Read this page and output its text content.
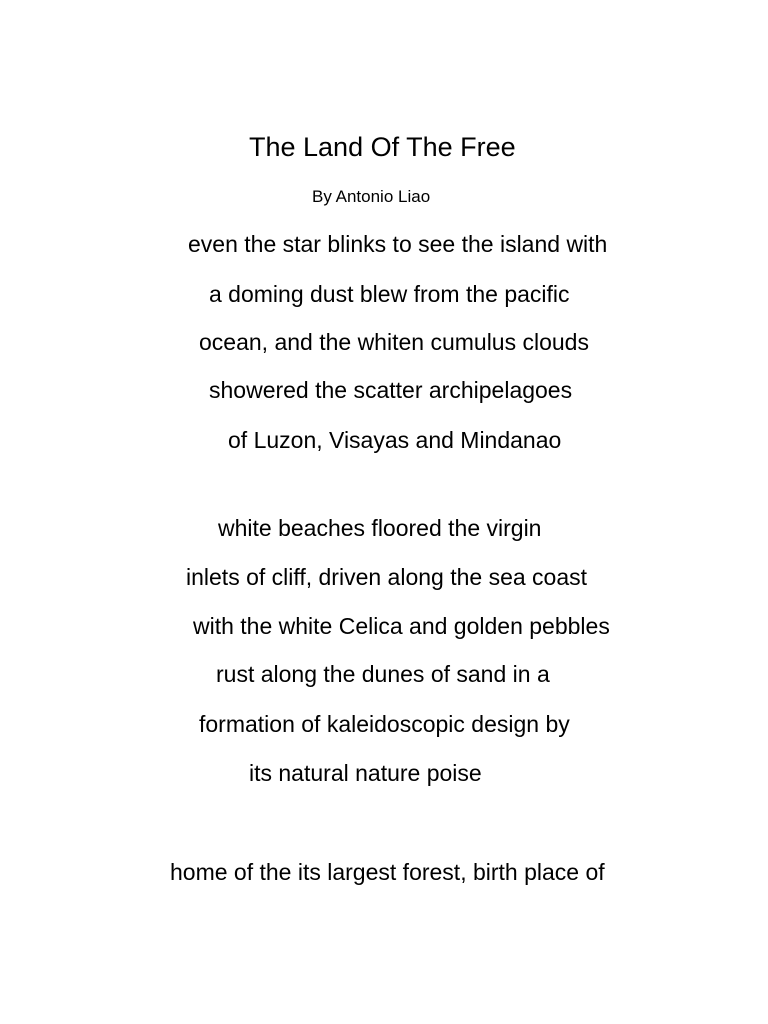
The Land Of The Free
By Antonio Liao
even the star blinks to see the island with
a doming dust blew from the pacific
ocean, and the whiten cumulus clouds
showered the scatter archipelagoes
of Luzon, Visayas and Mindanao
white beaches floored the virgin
inlets of cliff, driven along the sea coast
with the white Celica and golden pebbles
rust along the dunes of sand in a
formation of kaleidoscopic design by
its natural nature poise
home of the its largest forest, birth place of
